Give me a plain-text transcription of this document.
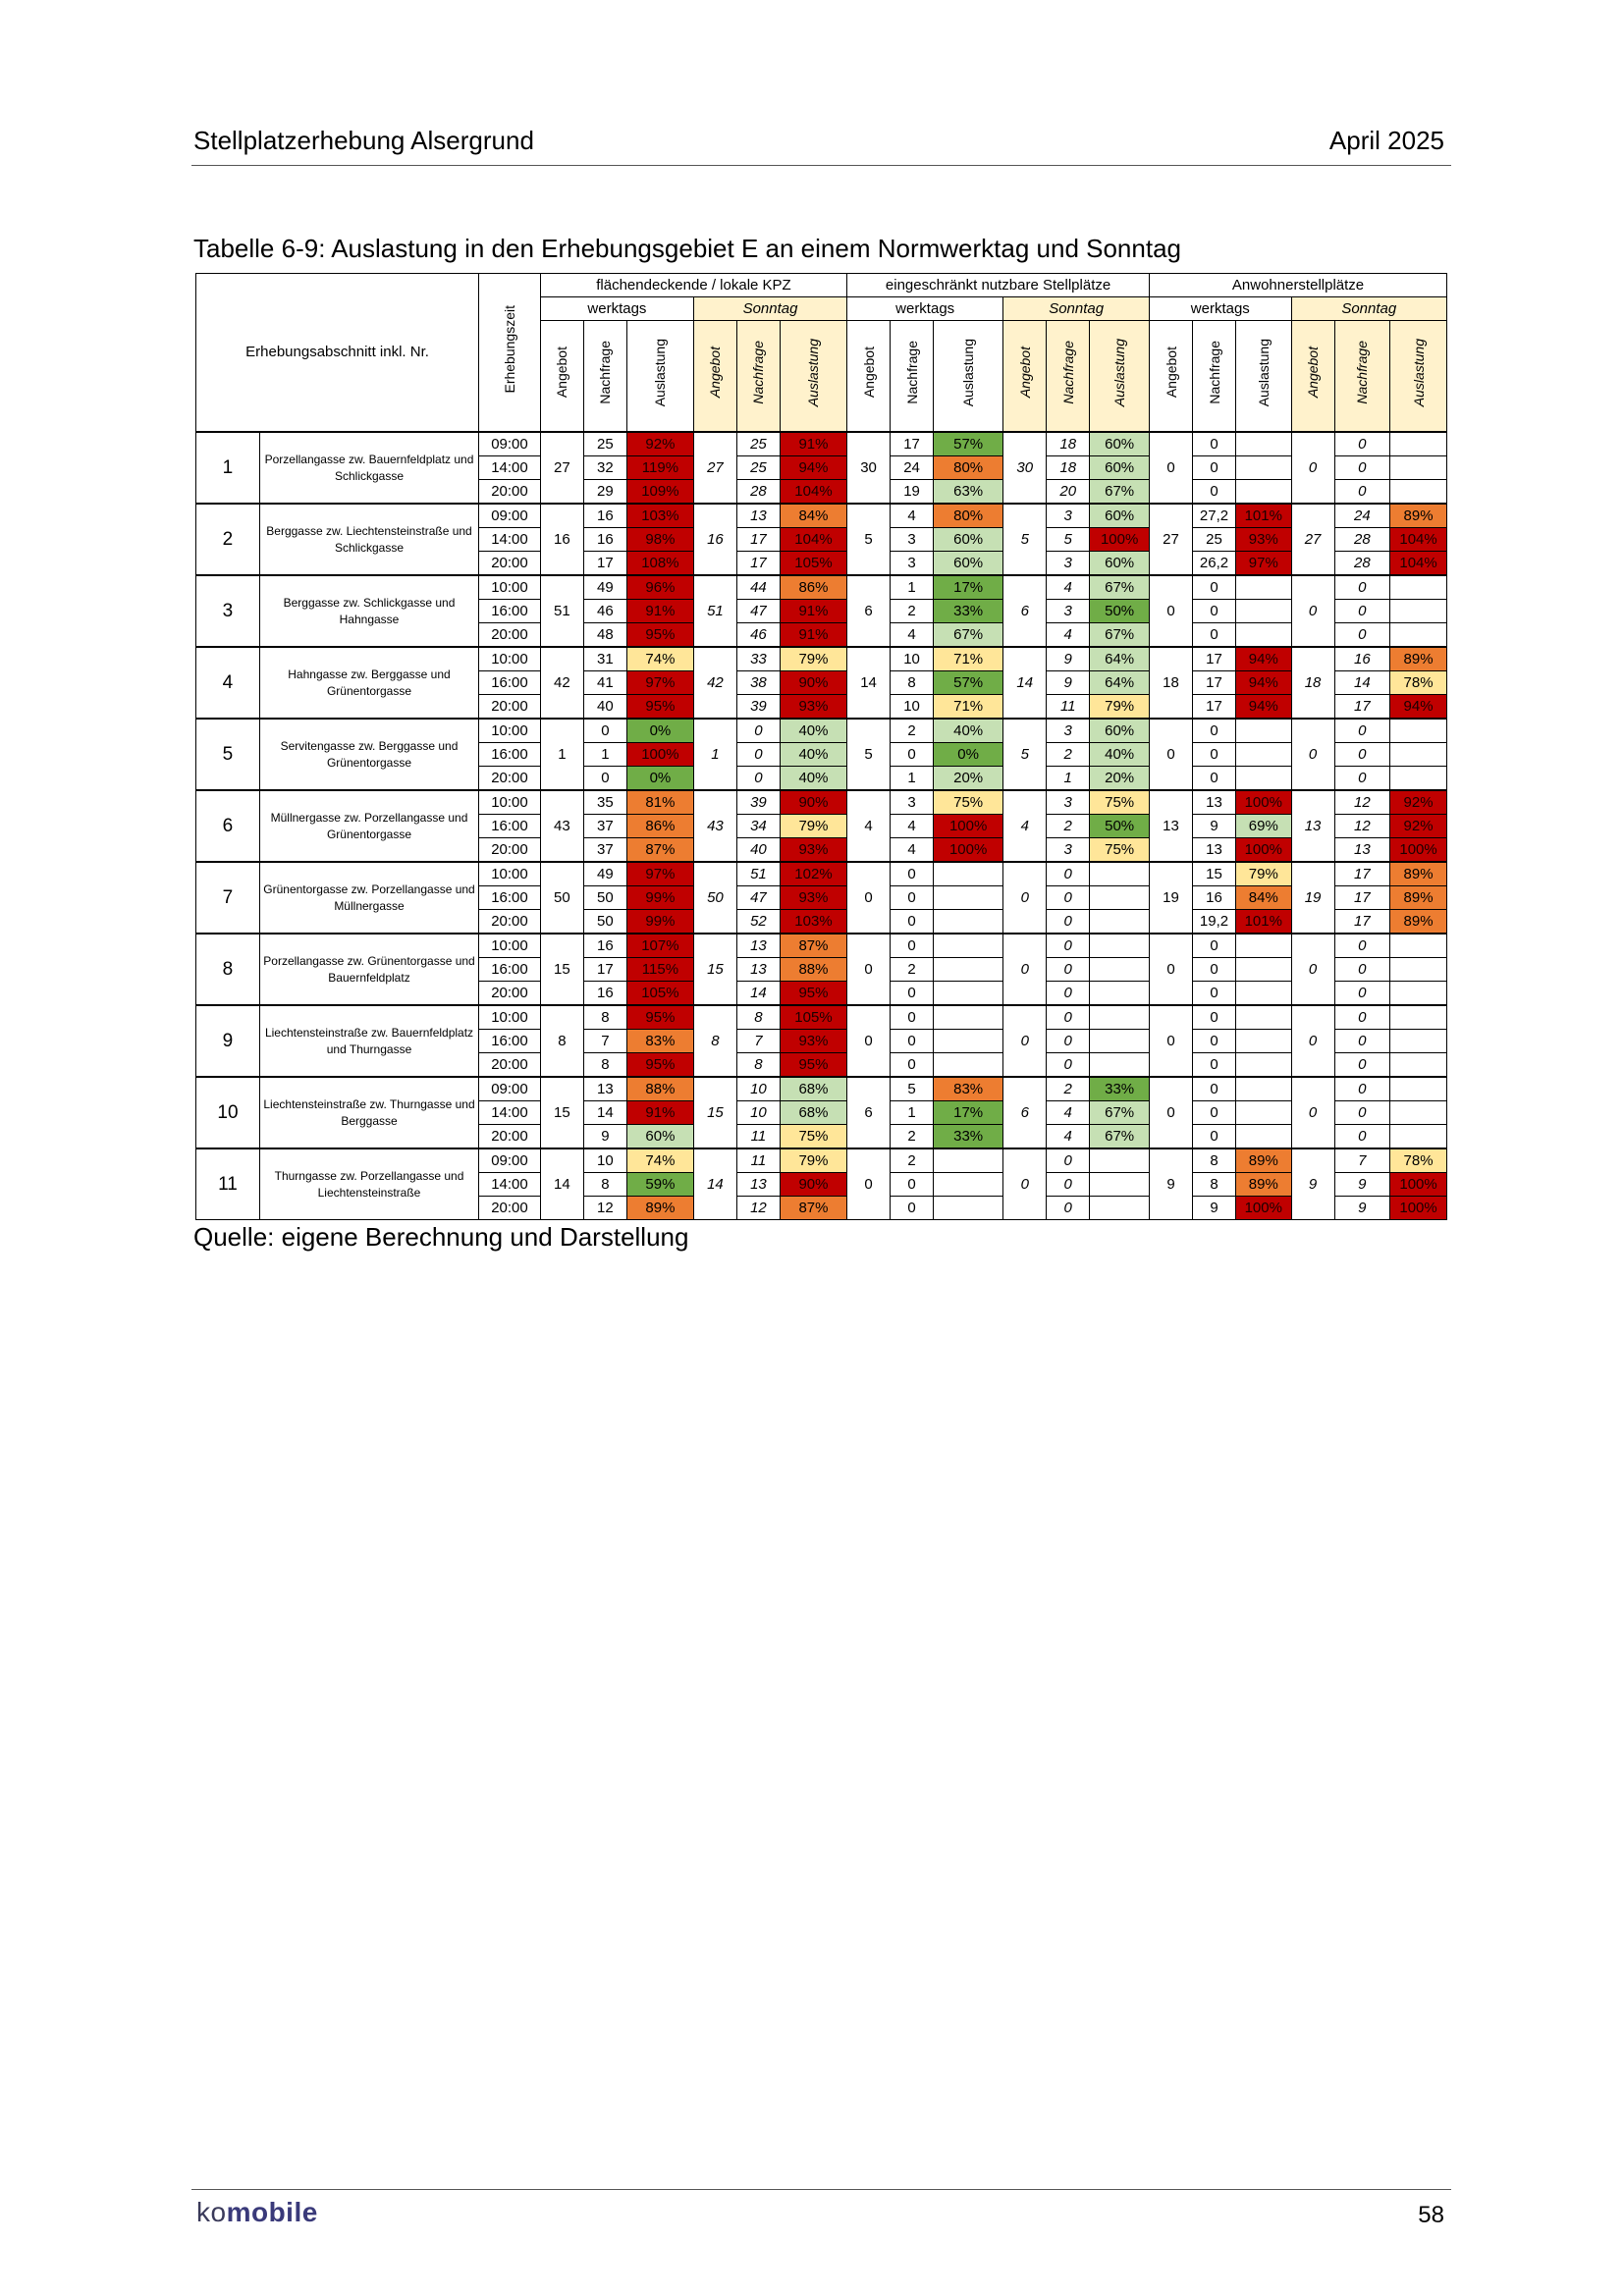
Stellplatzerhebung Alsergrund	April 2025
Tabelle 6-9: Auslastung in den Erhebungsgebiet E an einem Normwerktag und Sonntag
Erhebungsabschnitt inkl. Nr.		Erhebungszeit	flächendeckende / lokale KPZ						eingeschränkt nutzbare Stellplätze						Anwohnerstellplätze					
			werktags			Sonntag			werktags			Sonntag			werktags			Sonntag		
			Angebot	Nachfrage	Auslastung	Angebot	Nachfrage	Auslastung	Angebot	Nachfrage	Auslastung	Angebot	Nachfrage	Auslastung	Angebot	Nachfrage	Auslastung	Angebot	Nachfrage	Auslastung
1	Porzellangasse zw. Bauernfeldplatz und Schlickgasse	09:00	27	25	92%	27	25	91%	30	17	57%	30	18	60%	0	0		0	0	
		14:00		32	119%		25	94%		24	80%		18	60%		0			0	
		20:00		29	109%		28	104%		19	63%		20	67%		0			0	
2	Berggasse zw. Liechtensteinstraße und Schlickgasse	09:00	16	16	103%	16	13	84%	5	4	80%	5	3	60%	27	27,2	101%	27	24	89%
		14:00		16	98%		17	104%		3	60%		5	100%		25	93%		28	104%
		20:00		17	108%		17	105%		3	60%		3	60%		26,2	97%		28	104%
3	Berggasse zw. Schlickgasse und Hahngasse	10:00	51	49	96%	51	44	86%	6	1	17%	6	4	67%	0	0		0	0	
		16:00		46	91%		47	91%		2	33%		3	50%		0			0	
		20:00		48	95%		46	91%		4	67%		4	67%		0			0	
4	Hahngasse zw. Berggasse und Grünentorgasse	10:00	42	31	74%	42	33	79%	14	10	71%	14	9	64%	18	17	94%	18	16	89%
		16:00		41	97%		38	90%		8	57%		9	64%		17	94%		14	78%
		20:00		40	95%		39	93%		10	71%		11	79%		17	94%		17	94%
5	Servitengasse zw. Berggasse und Grünentorgasse	10:00	1	0	0%	1	0	40%	5	2	40%	5	3	60%	0	0		0	0	
		16:00		1	100%		0	40%		0	0%		2	40%		0			0	
		20:00		0	0%		0	40%		1	20%		1	20%		0			0	
6	Müllnergasse zw. Porzellangasse und Grünentorgasse	10:00	43	35	81%	43	39	90%	4	3	75%	4	3	75%	13	13	100%	13	12	92%
		16:00		37	86%		34	79%		4	100%		2	50%		9	69%		12	92%
		20:00		37	87%		40	93%		4	100%		3	75%		13	100%		13	100%
7	Grünentorgasse zw. Porzellangasse und Müllnergasse	10:00	50	49	97%	50	51	102%	0	0		0	0		19	15	79%	19	17	89%
		16:00		50	99%		47	93%		0			0			16	84%		17	89%
		20:00		50	99%		52	103%		0			0			19,2	101%		17	89%
8	Porzellangasse zw. Grünentorgasse und Bauernfeldplatz	10:00	15	16	107%	15	13	87%	0	0		0	0		0	0		0	0	
		16:00		17	115%		13	88%		2			0			0			0	
		20:00		16	105%		14	95%		0			0			0			0	
9	Liechtensteinstraße zw. Bauernfeldplatz und Thurngasse	10:00	8	8	95%	8	8	105%	0	0		0	0		0	0		0	0	
		16:00		7	83%		7	93%		0			0			0			0	
		20:00		8	95%		8	95%		0			0			0			0	
10	Liechtensteinstraße zw. Thurngasse und Berggasse	09:00	15	13	88%	15	10	68%	6	5	83%	6	2	33%	0	0		0	0	
		14:00		14	91%		10	68%		1	17%		4	67%		0			0	
		20:00		9	60%		11	75%		2	33%		4	67%		0			0	
11	Thurngasse zw. Porzellangasse und Liechtensteinstraße	09:00	14	10	74%	14	11	79%	0	2		0	0		9	8	89%	9	7	78%
		14:00		8	59%		13	90%		0			0			8	89%		9	100%
		20:00		12	89%		12	87%		0			0			9	100%		9	100%
Quelle: eigene Berechnung und Darstellung
komobile	58
